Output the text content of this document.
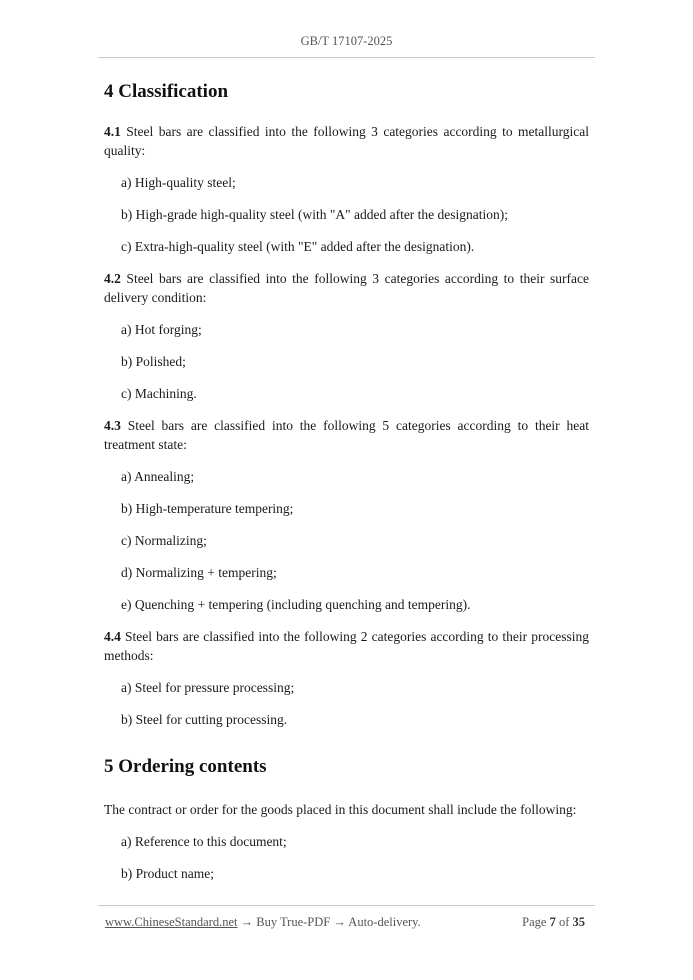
GB/T 17107-2025
4 Classification

4.1 Steel bars are classified into the following 3 categories according to metallurgical quality:

a) High-quality steel;

b) High-grade high-quality steel (with "A" added after the designation);

c) Extra-high-quality steel (with "E" added after the designation).

4.2 Steel bars are classified into the following 3 categories according to their surface delivery condition:

a) Hot forging;

b) Polished;

c) Machining.

4.3 Steel bars are classified into the following 5 categories according to their heat treatment state:

a) Annealing;

b) High-temperature tempering;

c) Normalizing;

d) Normalizing + tempering;

e) Quenching + tempering (including quenching and tempering).

4.4 Steel bars are classified into the following 2 categories according to their processing methods:

a) Steel for pressure processing;

b) Steel for cutting processing.

5 Ordering contents

The contract or order for the goods placed in this document shall include the following:

a) Reference to this document;

b) Product name;

www.ChineseStandard.net → Buy True-PDF → Auto-delivery.	Page 7 of 35
